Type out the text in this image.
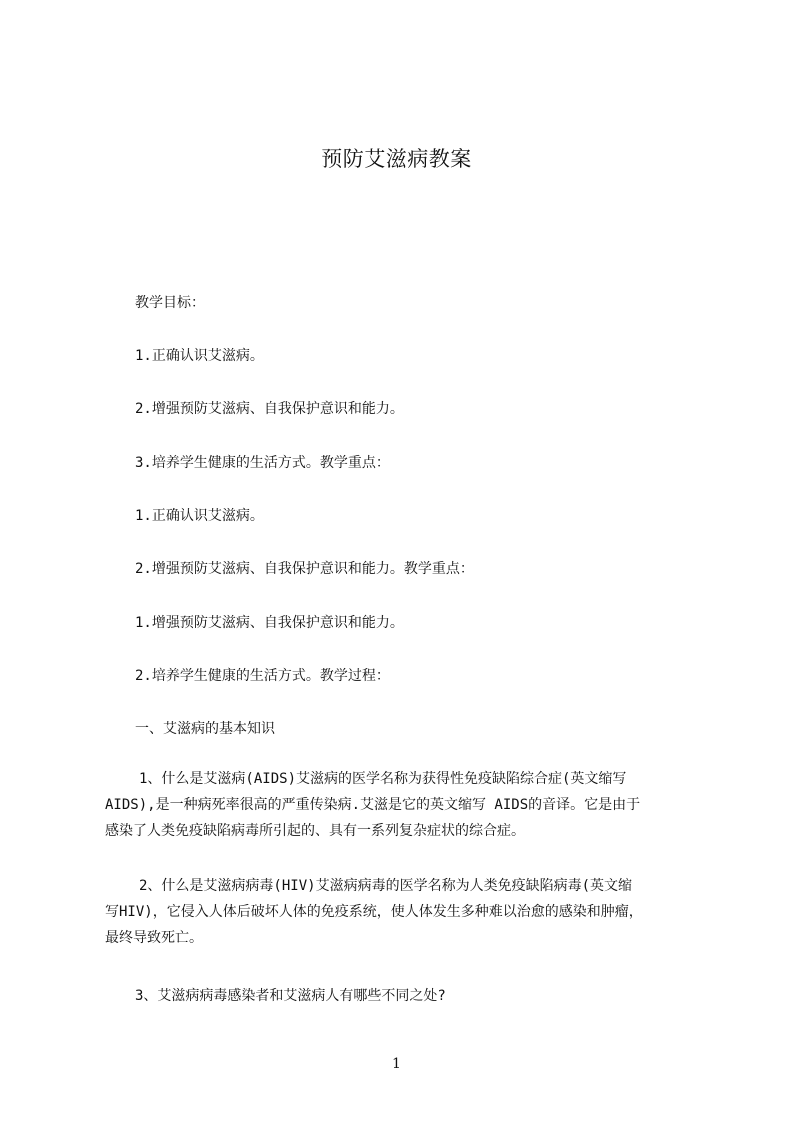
预防艾滋病教案
教学目标：
1.正确认识艾滋病。
2.增强预防艾滋病、自我保护意识和能力。
3.培养学生健康的生活方式。教学重点：
1.正确认识艾滋病。
2.增强预防艾滋病、自我保护意识和能力。教学重点：
1.增强预防艾滋病、自我保护意识和能力。
2.培养学生健康的生活方式。教学过程：
一、艾滋病的基本知识
1、什么是艾滋病(AIDS)艾滋病的医学名称为获得性免疫缺陷综合症(英文缩写
AIDS),是一种病死率很高的严重传染病.艾滋是它的英文缩写 AIDS的音译。它是由于
感染了人类免疫缺陷病毒所引起的、具有一系列复杂症状的综合症。
2、什么是艾滋病病毒(HIV)艾滋病病毒的医学名称为人类免疫缺陷病毒(英文缩
写HIV)，它侵入人体后破坏人体的免疫系统，使人体发生多种难以治愈的感染和肿瘤，
最终导致死亡。
3、艾滋病病毒感染者和艾滋病人有哪些不同之处?
1
